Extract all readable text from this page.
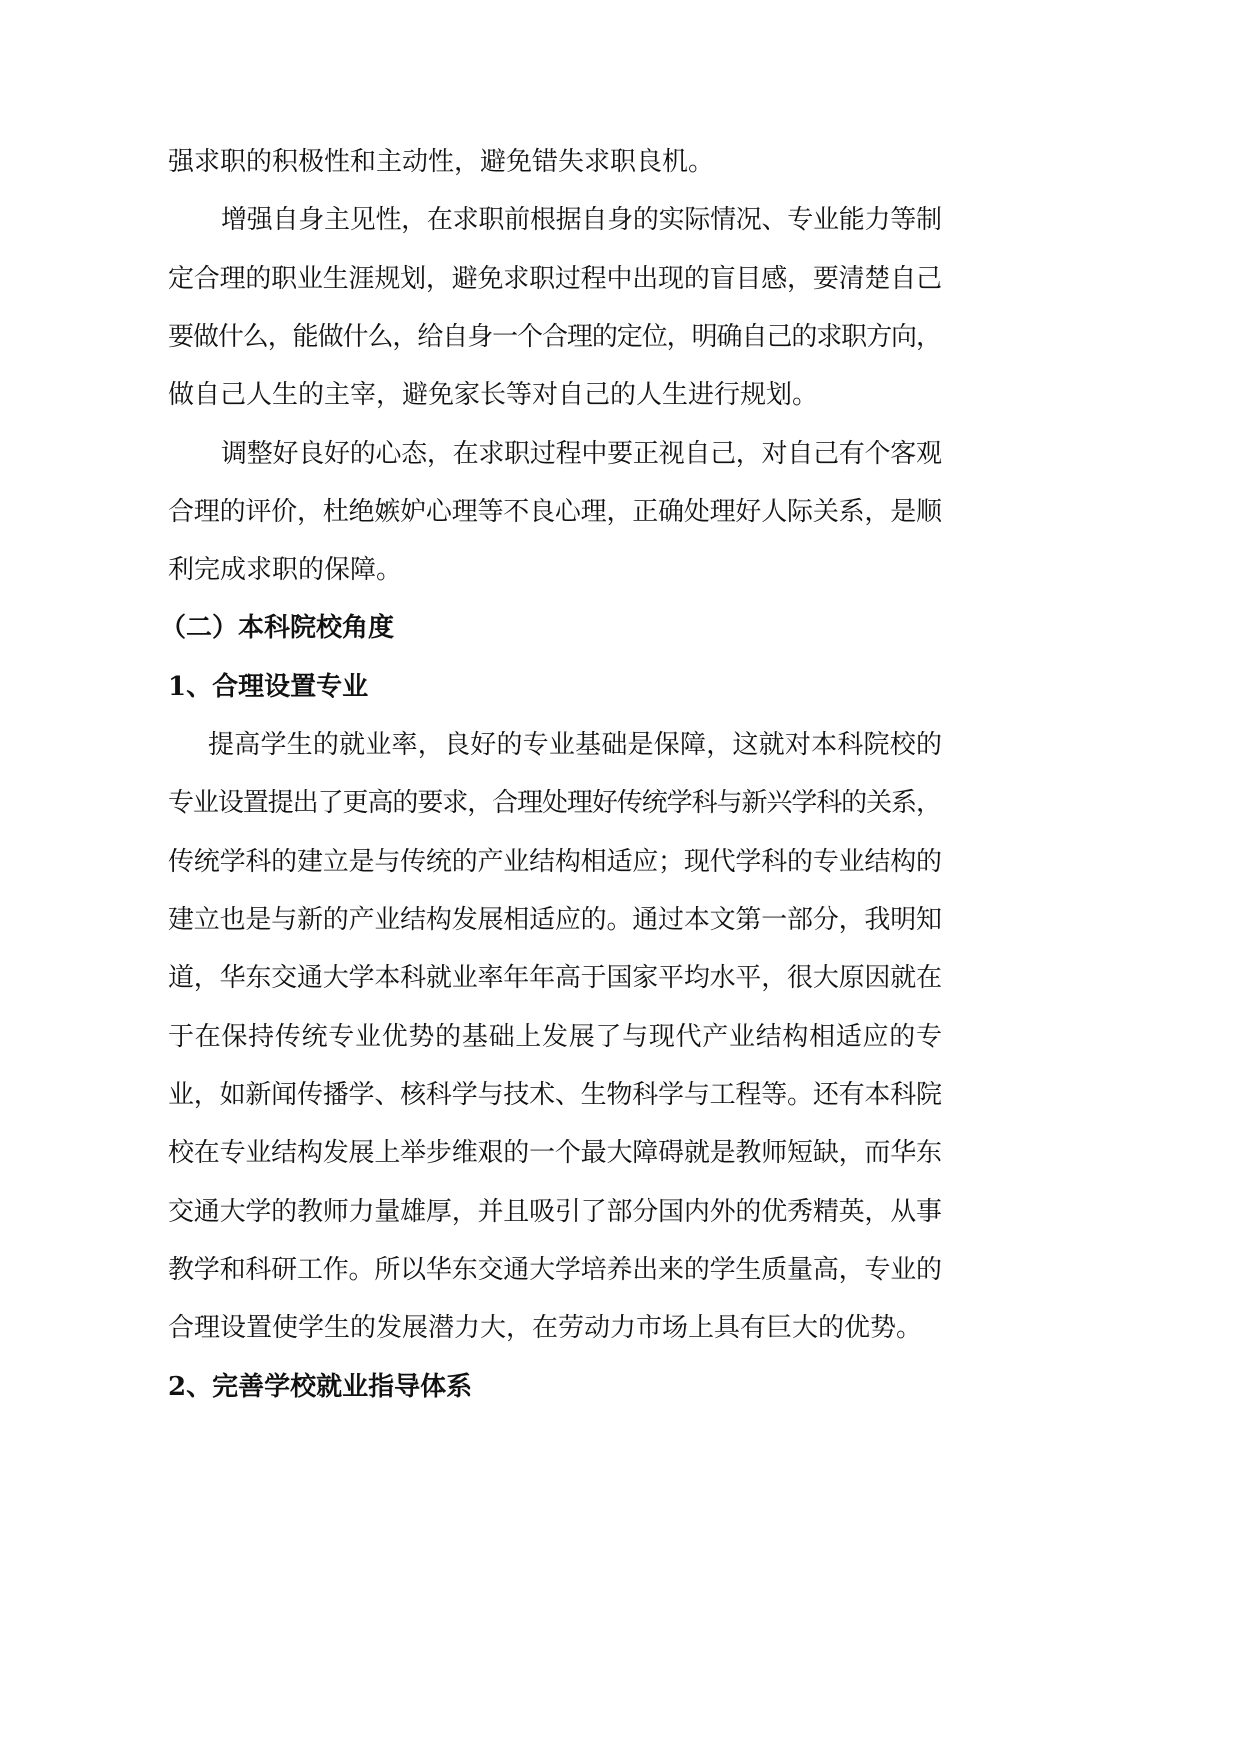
强求职的积极性和主动性，避免错失求职良机。
增强自身主见性，在求职前根据自身的实际情况、专业能力等制
定合理的职业生涯规划，避免求职过程中出现的盲目感，要清楚自己
要做什么，能做什么，给自身一个合理的定位，明确自己的求职方向，
做自己人生的主宰，避免家长等对自己的人生进行规划。
调整好良好的心态，在求职过程中要正视自己，对自己有个客观
合理的评价，杜绝嫉妒心理等不良心理，正确处理好人际关系，是顺
利完成求职的保障。
（二）本科院校角度
1、合理设置专业
提高学生的就业率，良好的专业基础是保障，这就对本科院校的
专业设置提出了更高的要求，合理处理好传统学科与新兴学科的关系，
传统学科的建立是与传统的产业结构相适应；现代学科的专业结构的
建立也是与新的产业结构发展相适应的。通过本文第一部分，我明知
道，华东交通大学本科就业率年年高于国家平均水平，很大原因就在
于在保持传统专业优势的基础上发展了与现代产业结构相适应的专
业，如新闻传播学、核科学与技术、生物科学与工程等。还有本科院
校在专业结构发展上举步维艰的一个最大障碍就是教师短缺，而华东
交通大学的教师力量雄厚，并且吸引了部分国内外的优秀精英，从事
教学和科研工作。所以华东交通大学培养出来的学生质量高，专业的
合理设置使学生的发展潜力大，在劳动力市场上具有巨大的优势。
2、完善学校就业指导体系
